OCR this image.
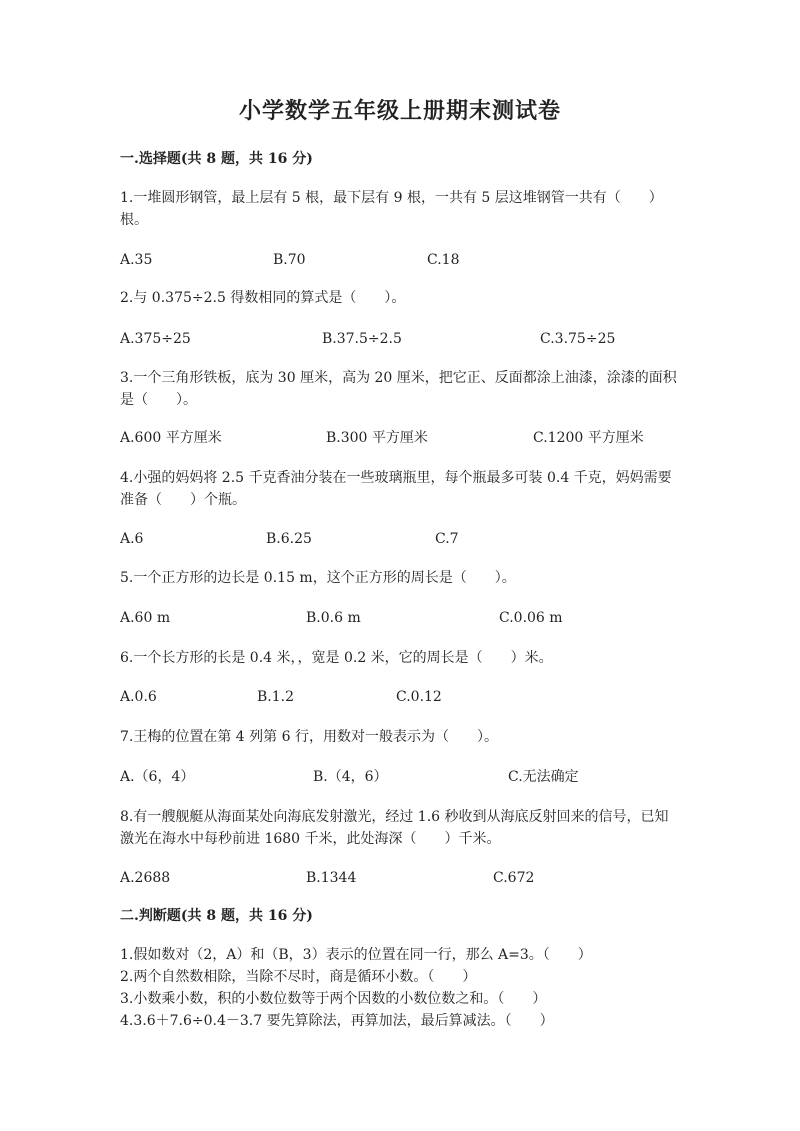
小学数学五年级上册期末测试卷
一.选择题(共 8 题，共 16 分)
1.一堆圆形钢管，最上层有 5 根，最下层有 9 根，一共有 5 层这堆钢管一共有（　　）根。
A.35	B.70	C.18
2.与 0.375÷2.5 得数相同的算式是（　　）。
A.375÷25	B.37.5÷2.5	C.3.75÷25
3.一个三角形铁板，底为 30 厘米，高为 20 厘米，把它正、反面都涂上油漆，涂漆的面积是（　　）。
A.600 平方厘米	B.300 平方厘米	C.1200 平方厘米
4.小强的妈妈将 2.5 千克香油分装在一些玻璃瓶里，每个瓶最多可装 0.4 千克，妈妈需要准备（　　）个瓶。
A.6	B.6.25	C.7
5.一个正方形的边长是 0.15 m，这个正方形的周长是（　　）。
A.60 m	B.0.6 m	C.0.06 m
6.一个长方形的长是 0.4 米，，宽是 0.2 米，它的周长是（　　）米。
A.0.6	B.1.2	C.0.12
7.王梅的位置在第 4 列第 6 行，用数对一般表示为（　　）。
A.（6，4）	B.（4，6）	C.无法确定
8.有一艘舰艇从海面某处向海底发射激光，经过 1.6 秒收到从海底反射回来的信号，已知激光在海水中每秒前进 1680 千米，此处海深（　　）千米。
A.2688	B.1344	C.672
二.判断题(共 8 题，共 16 分)
1.假如数对（2，A）和（B，3）表示的位置在同一行，那么 A=3。（　　）
2.两个自然数相除，当除不尽时，商是循环小数。（　　）
3.小数乘小数，积的小数位数等于两个因数的小数位数之和。（　　）
4.3.6＋7.6÷0.4－3.7 要先算除法，再算加法，最后算减法。（　　）
